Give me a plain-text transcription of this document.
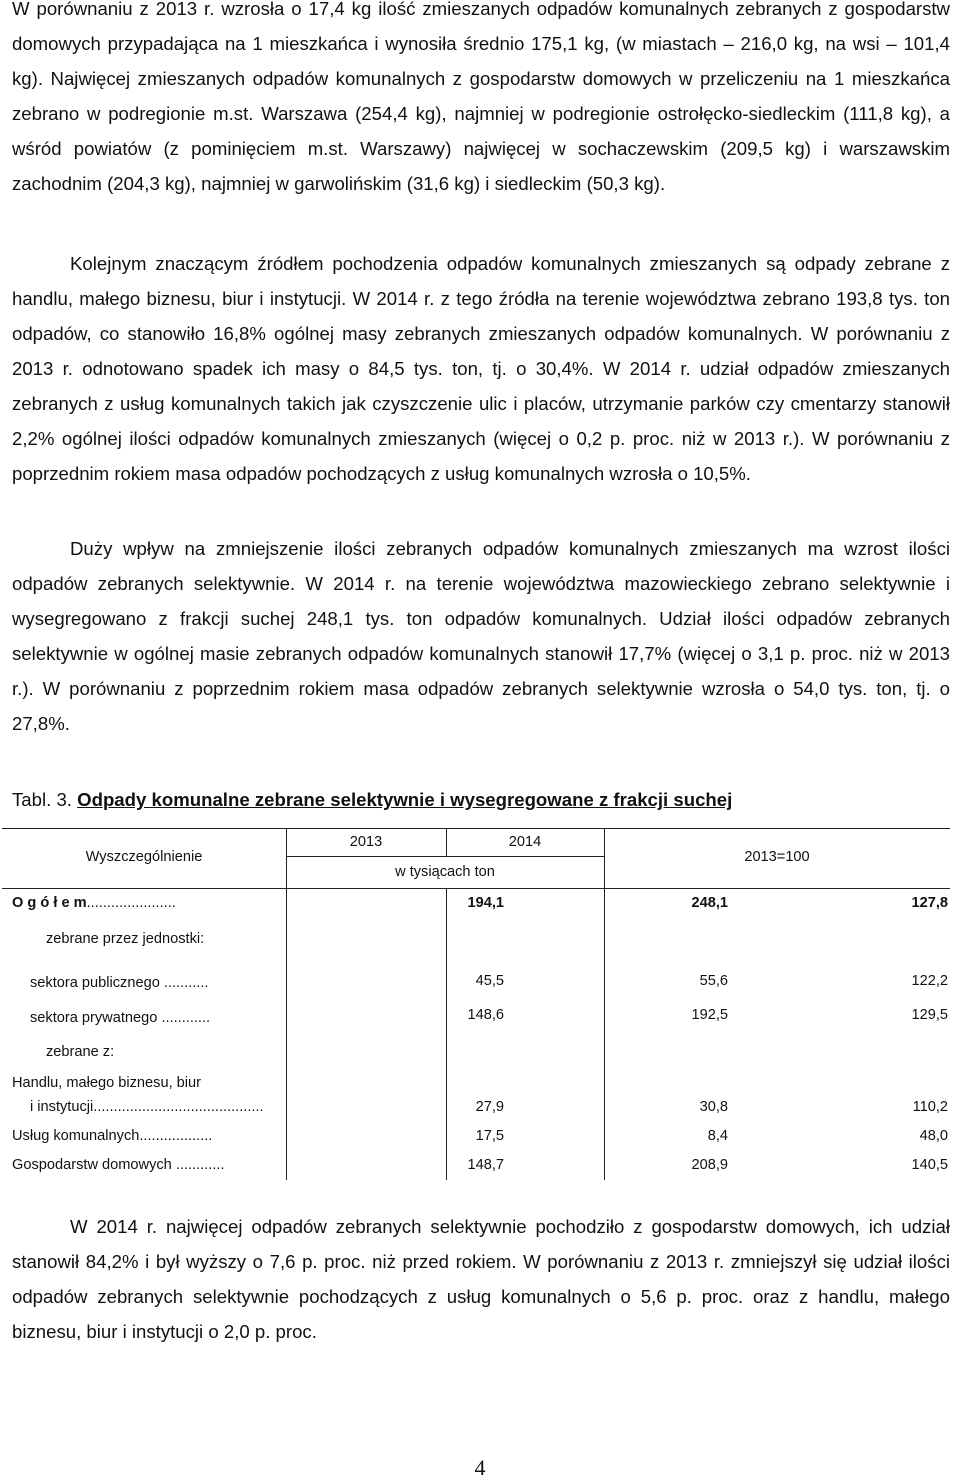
W porównaniu z 2013 r. wzrosła o 17,4 kg ilość zmieszanych odpadów komunalnych zebranych z gospodarstw domowych przypadająca na 1 mieszkańca i wynosiła średnio 175,1 kg, (w miastach – 216,0 kg, na wsi – 101,4 kg). Najwięcej zmieszanych odpadów komunalnych z gospodarstw domowych w przeliczeniu na 1 mieszkańca zebrano w podregionie m.st. Warszawa (254,4 kg), najmniej w podregionie ostrołęcko-siedleckim (111,8 kg), a wśród powiatów (z pominięciem m.st. Warszawy) najwięcej w sochaczewskim (209,5 kg) i warszawskim zachodnim (204,3 kg), najmniej w garwolińskim (31,6 kg) i siedleckim (50,3 kg).

Kolejnym znaczącym źródłem pochodzenia odpadów komunalnych zmieszanych są odpady zebrane z handlu, małego biznesu, biur i instytucji. W 2014 r. z tego źródła na terenie województwa zebrano 193,8 tys. ton odpadów, co stanowiło 16,8% ogólnej masy zebranych zmieszanych odpadów komunalnych. W porównaniu z 2013 r. odnotowano spadek ich masy o 84,5 tys. ton, tj. o 30,4%. W 2014 r. udział odpadów zmieszanych zebranych z usług komunalnych takich jak czyszczenie ulic i placów, utrzymanie parków czy cmentarzy stanowił 2,2% ogólnej ilości odpadów komunalnych zmieszanych (więcej o 0,2 p. proc. niż w 2013 r.). W porównaniu z poprzednim rokiem masa odpadów pochodzących z usług komunalnych wzrosła o 10,5%.

Duży wpływ na zmniejszenie ilości zebranych odpadów komunalnych zmieszanych ma wzrost ilości odpadów zebranych selektywnie. W 2014 r. na terenie województwa mazowieckiego zebrano selektywnie i wysegregowano z frakcji suchej 248,1 tys. ton odpadów komunalnych. Udział ilości odpadów zebranych selektywnie w ogólnej masie zebranych odpadów komunalnych stanowił 17,7% (więcej o 3,1 p. proc. niż w 2013 r.). W porównaniu z poprzednim rokiem masa odpadów zebranych selektywnie wzrosła o 54,0 tys. ton, tj. o 27,8%.

Tabl. 3. Odpady komunalne zebrane selektywnie i wysegregowane z frakcji suchej
Wyszczególnienie
2013	2014
w tysiącach ton
2013=100
O g ó ł e m......................	194,1	248,1	127,8
zebrane przez jednostki:
sektora publicznego ...........	45,5	55,6	122,2
sektora prywatnego ............	148,6	192,5	129,5
zebrane z:
Handlu, małego biznesu, biur
i instytucji..........................................	27,9	30,8	110,2
Usług komunalnych..................	17,5	8,4	48,0
Gospodarstw domowych ............	148,7	208,9	140,5

W 2014 r. najwięcej odpadów zebranych selektywnie pochodziło z gospodarstw domowych, ich udział stanowił 84,2% i był wyższy o 7,6 p. proc. niż przed rokiem. W porównaniu z 2013 r. zmniejszył się udział ilości odpadów zebranych selektywnie pochodzących z usług komunalnych o 5,6 p. proc. oraz z handlu, małego biznesu, biur i instytucji o 2,0 p. proc.

4
